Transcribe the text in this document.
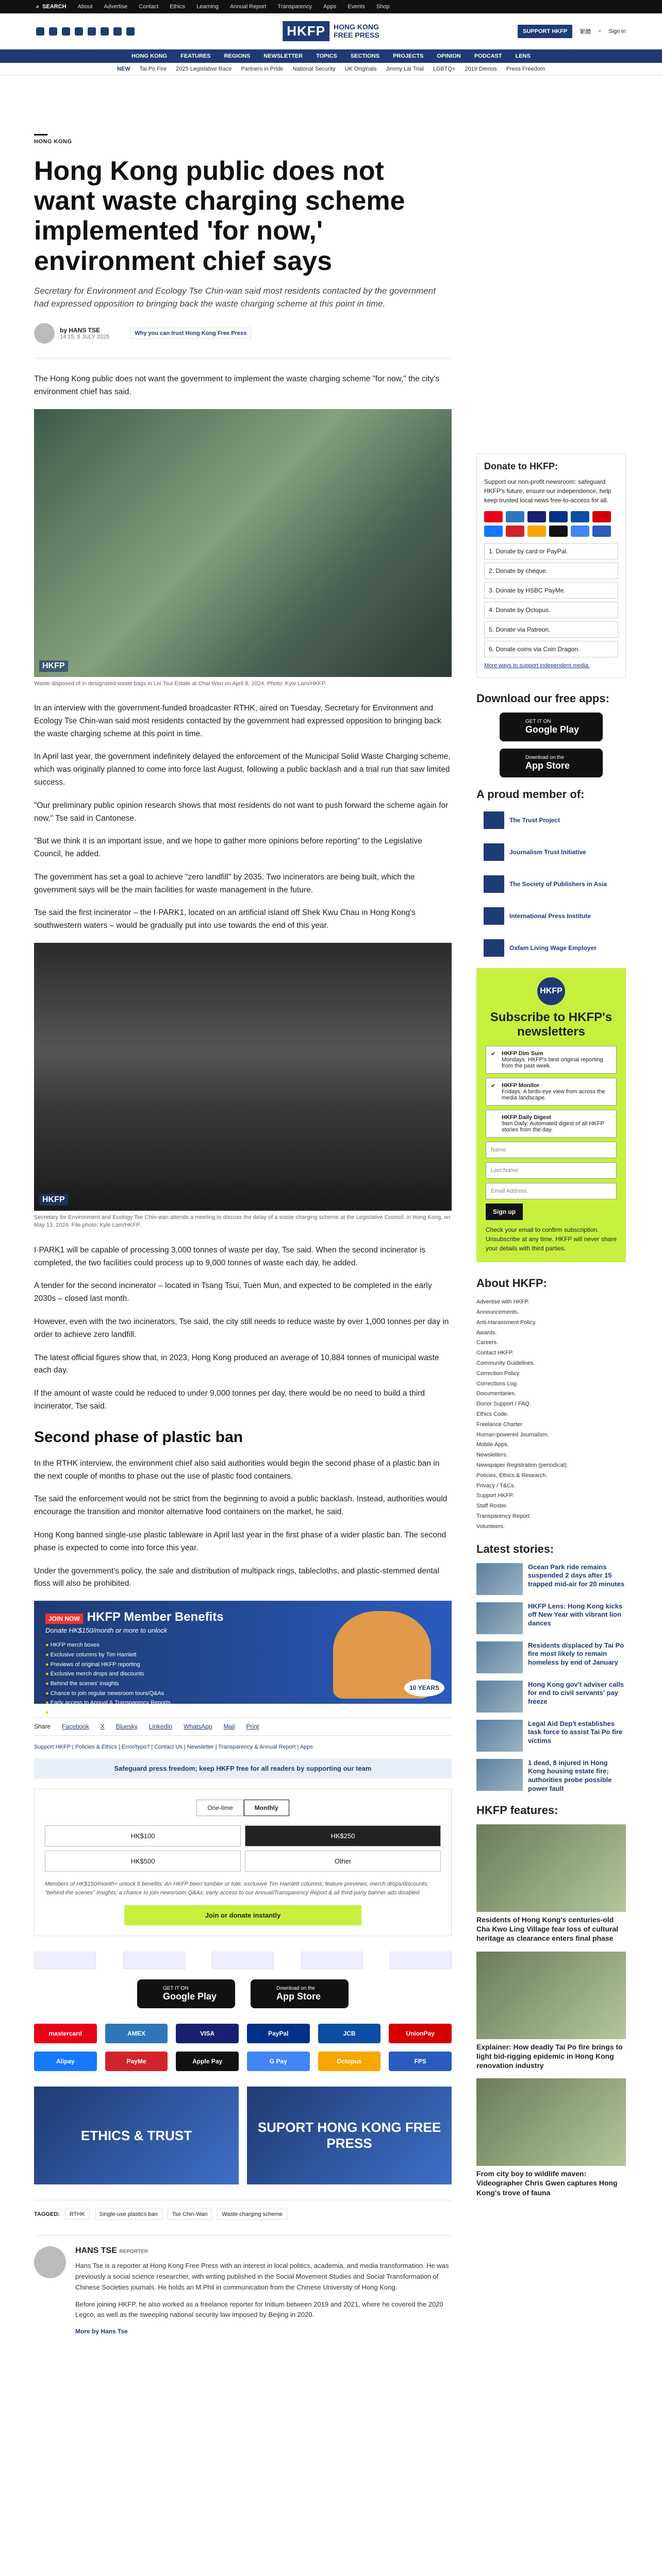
⌕ SEARCH About Advertise Contact Ethics Learning Annual Report Transparency Apps Events Shop
HKFP	HONG KONG
FREE PRESS	SUPPORT HKFP	繁體 ⌕ Sign in
HONG KONG FEATURES REGIONS NEWSLETTER TOPICS SECTIONS PROJECTS OPINION PODCAST LENS
NEW Tai Po Fire 2025 Legislative Race Partners in Pride National Security UK Originals Jimmy Lai Trial LGBTQ+ 2019 Demos Press Freedom
HONG KONG
Hong Kong public does not want waste charging scheme implemented 'for now,' environment chief says

Secretary for Environment and Ecology Tse Chin-wan said most residents contacted by the government had expressed opposition to bringing back the waste charging scheme at this point in time.

by HANS TSE
14:15, 8 JULY 2025
Why you can trust Hong Kong Free Press

The Hong Kong public does not want the government to implement the waste charging scheme "for now," the city's environment chief has said.

HKFP
Waste disposed of in designated waste bags in Lei Tsui Estate at Chai Wan on April 8, 2024. Photo: Kyle Lam/HKFP.

In an interview with the government-funded broadcaster RTHK, aired on Tuesday, Secretary for Environment and Ecology Tse Chin-wan said most residents contacted by the government had expressed opposition to bringing back the waste charging scheme at this point in time.

In April last year, the government indefinitely delayed the enforcement of the Municipal Solid Waste Charging scheme, which was originally planned to come into force last August, following a public backlash and a trial run that saw limited success.

"Our preliminary public opinion research shows that most residents do not want to push forward the scheme again for now," Tse said in Cantonese.

"But we think it is an important issue, and we hope to gather more opinions before reporting" to the Legislative Council, he added.

The government has set a goal to achieve "zero landfill" by 2035. Two incinerators are being built, which the government says will be the main facilities for waste management in the future.

Tse said the first incinerator – the I·PARK1, located on an artificial island off Shek Kwu Chau in Hong Kong's southwestern waters – would be gradually put into use towards the end of this year.

HKFP
Secretary for Environment and Ecology Tse Chin-wan attends a meeting to discuss the delay of a waste charging scheme at the Legislative Council, in Hong Kong, on May 13, 2024. File photo: Kyle Lam/HKFP.

I·PARK1 will be capable of processing 3,000 tonnes of waste per day, Tse said. When the second incinerator is completed, the two facilities could process up to 9,000 tonnes of waste each day, he added.

A tender for the second incinerator – located in Tsang Tsui, Tuen Mun, and expected to be completed in the early 2030s – closed last month.

However, even with the two incinerators, Tse said, the city still needs to reduce waste by over 1,000 tonnes per day in order to achieve zero landfill.

The latest official figures show that, in 2023, Hong Kong produced an average of 10,884 tonnes of municipal waste each day.

If the amount of waste could be reduced to under 9,000 tonnes per day, there would be no need to build a third incinerator, Tse said.

Second phase of plastic ban

In the RTHK interview, the environment chief also said authorities would begin the second phase of a plastic ban in the next couple of months to phase out the use of plastic food containers.

Tse said the enforcement would not be strict from the beginning to avoid a public backlash. Instead, authorities would encourage the transition and monitor alternative food containers on the market, he said.

Hong Kong banned single-use plastic tableware in April last year in the first phase of a wider plastic ban. The second phase is expected to come into force this year.

Under the government's policy, the sale and distribution of multipack rings, tablecloths, and plastic-stemmed dental floss will also be prohibited.

JOIN NOW HKFP Member Benefits
Donate HK$150/month or more to unlock
● HKFP merch boxes
● Exclusive columns by Tim Hamlett
● Previews of original HKFP reporting
● Exclusive merch drops and discounts
● Behind the scenes' insights
● Chance to join regular newsroom tours/Q&As
● Early access to Annual & Transparency Reports
● No third-party banner ads (disabled)
10 YEARS
Share Facebook X Bluesky LinkedIn WhatsApp Mail Print
Support HKFP | Policies & Ethics | Error/typo? | Contact Us | Newsletter | Transparency & Annual Report | Apps
Safeguard press freedom; keep HKFP free for all readers by supporting our team
One-time	Monthly
HK$100	HK$250
HK$500	Other

Members of HK$150/month+ unlock 6 benefits: An HKFP beer/ tumbler or tote; exclusive Tim Hamlett columns; feature previews; merch drops/discounts; "behind the scenes" insights; a chance to join newsroom Q&As; early access to our Annual/Transparency Report & all third-party banner ads disabled.

Join or donate instantly
GET IT ON
Google Play
Download on the
App Store
mastercard	AMEX	VISA	PayPal	JCB	UnionPay
Alipay	PayMe	Apple Pay	G Pay	Octopus	FPS
ETHICS & TRUST
SUPORT HONG KONG FREE PRESS
TAGGED:	RTHK	Single-use plastics ban	Tse Chin-Wan	Waste charging scheme
HANS TSE REPORTER

Hans Tse is a reporter at Hong Kong Free Press with an interest in local politics, academia, and media transformation. He was previously a social science researcher, with writing published in the Social Movement Studies and Social Transformation of Chinese Societies journals. He holds an M.Phil in communication from the Chinese University of Hong Kong.

Before joining HKFP, he also worked as a freelance reporter for Initium between 2019 and 2021, where he covered the 2020 Legco, as well as the sweeping national security law imposed by Beijing in 2020.

More by Hans Tse
Donate to HKFP:

Support our non-profit newsroom: safeguard HKFP's future, ensure our independence, help keep trusted local news free-to-access for all.

1. Donate by card or PayPal.
2. Donate by cheque.
3. Donate by HSBC PayMe.
4. Donate by Octopus.
5. Donate via Patreon.
6. Donate coins via Coin Dragon.
More ways to support independent media.
Download our free apps:
GET IT ON
Google Play
Download on the
App Store
A proud member of:
The Trust Project
Journalism Trust Initiative
The Society of Publishers in Asia
International Press Institute
Oxfam Living Wage Employer
HKFP
Subscribe to HKFP's newsletters
✔ HKFP Dim Sum
Mondays: HKFP's best original reporting from the past week.
✔ HKFP Monitor
Fridays: A birds-eye view from across the media landscape.
HKFP Daily Digest
9am Daily: Automated digest of all HKFP stories from the day.
Name
Last Name
Email Address
Sign up

Check your email to confirm subscription. Unsubscribe at any time. HKFP will never share your details with third parties.

About HKFP:
Advertise with HKFP.
Announcements.
Anti-Harassment Policy.
Awards.
Careers.
Contact HKFP.
Community Guidelines.
Correction Policy.
Corrections Log.
Documentaries.
Donor Support / FAQ.
Ethics Code.
Freelance Charter.
Human-powered Journalism.
Mobile Apps.
Newsletters.
Newspaper Registration (periodical).
Policies, Ethics & Research.
Privacy / T&Cs.
Support HKFP.
Staff Roster.
Transparency Report.
Volunteers.
Latest stories:
Ocean Park ride remains suspended 2 days after 15 trapped mid-air for 20 minutes
HKFP Lens: Hong Kong kicks off New Year with vibrant lion dances
Residents displaced by Tai Po fire most likely to remain homeless by end of January
Hong Kong gov't adviser calls for end to civil servants' pay freeze
Legal Aid Dep't establishes task force to assist Tai Po fire victims
1 dead, 8 injured in Hong Kong housing estate fire; authorities probe possible power fault
HKFP features:
Residents of Hong Kong's centuries-old Cha Kwo Ling Village fear loss of cultural heritage as clearance enters final phase
Explainer: How deadly Tai Po fire brings to light bid-rigging epidemic in Hong Kong renovation industry
From city boy to wildlife maven: Videographer Chris Gwen captures Hong Kong's trove of fauna
